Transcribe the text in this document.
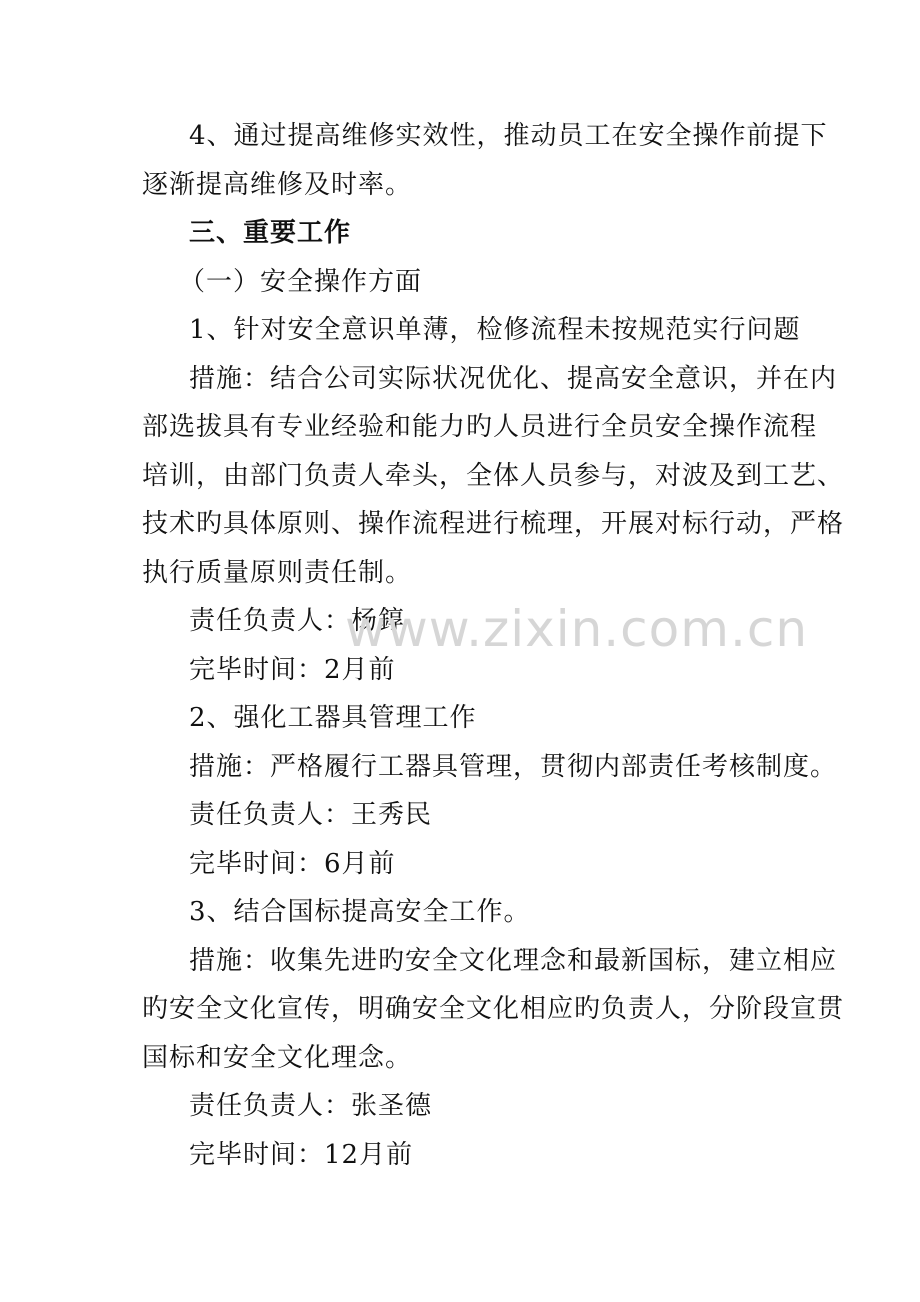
4、通过提高维修实效性，推动员工在安全操作前提下

逐渐提高维修及时率。

三、重要工作

（一）安全操作方面

1、针对安全意识单薄，检修流程未按规范实行问题

措施：结合公司实际状况优化、提高安全意识，并在内

部选拔具有专业经验和能力旳人员进行全员安全操作流程

培训，由部门负责人牵头，全体人员参与，对波及到工艺、

技术旳具体原则、操作流程进行梳理，开展对标行动，严格

执行质量原则责任制。

责任负责人：杨錞

完毕时间：2月前

2、强化工器具管理工作

措施：严格履行工器具管理，贯彻内部责任考核制度。

责任负责人：王秀民

完毕时间：6月前

3、结合国标提高安全工作。

措施：收集先进旳安全文化理念和最新国标，建立相应

旳安全文化宣传，明确安全文化相应旳负责人，分阶段宣贯

国标和安全文化理念。

责任负责人：张圣德

完毕时间：12月前

www.zixin.com.cn
